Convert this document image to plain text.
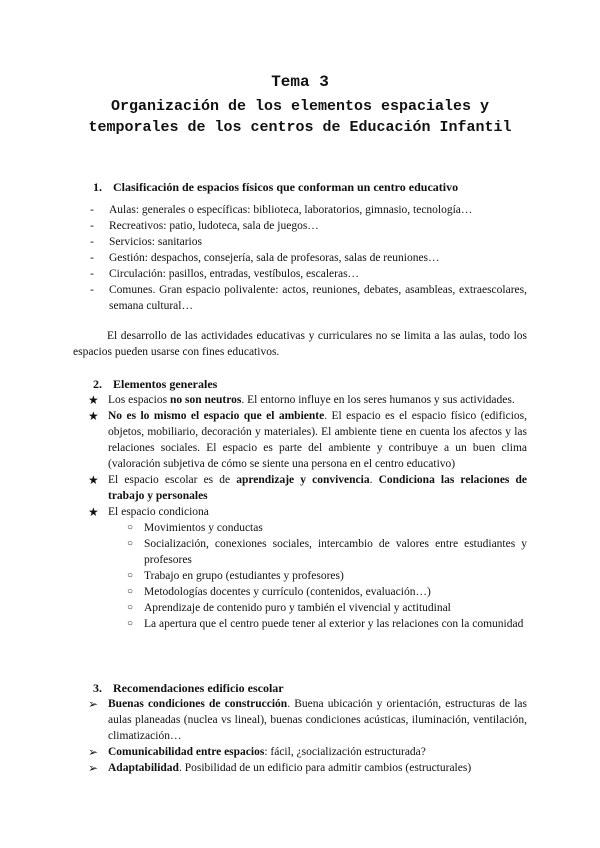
Tema 3
Organización de los elementos espaciales y
temporales de los centros de Educación Infantil
1. Clasificación de espacios físicos que conforman un centro educativo
- Aulas: generales o específicas: biblioteca, laboratorios, gimnasio, tecnología…
- Recreativos: patio, ludoteca, sala de juegos…
- Servicios: sanitarios
- Gestión: despachos, consejería, sala de profesoras, salas de reuniones…
- Circulación: pasillos, entradas, vestíbulos, escaleras…
- Comunes. Gran espacio polivalente: actos, reuniones, debates, asambleas, extraescolares, semana cultural…
El desarrollo de las actividades educativas y curriculares no se limita a las aulas, todo los espacios pueden usarse con fines educativos.
2. Elementos generales
★ Los espacios no son neutros. El entorno influye en los seres humanos y sus actividades.
★ No es lo mismo el espacio que el ambiente. El espacio es el espacio físico (edificios, objetos, mobiliario, decoración y materiales). El ambiente tiene en cuenta los afectos y las relaciones sociales. El espacio es parte del ambiente y contribuye a un buen clima (valoración subjetiva de cómo se siente una persona en el centro educativo)
★ El espacio escolar es de aprendizaje y convivencia. Condiciona las relaciones de trabajo y personales
★ El espacio condiciona
○ Movimientos y conductas
○ Socialización, conexiones sociales, intercambio de valores entre estudiantes y profesores
○ Trabajo en grupo (estudiantes y profesores)
○ Metodologías docentes y currículo (contenidos, evaluación…)
○ Aprendizaje de contenido puro y también el vivencial y actitudinal
○ La apertura que el centro puede tener al exterior y las relaciones con la comunidad
3. Recomendaciones edificio escolar
➢ Buenas condiciones de construcción. Buena ubicación y orientación, estructuras de las aulas planeadas (nuclea vs lineal), buenas condiciones acústicas, iluminación, ventilación, climatización…
➢ Comunicabilidad entre espacios: fácil, ¿socialización estructurada?
➢ Adaptabilidad. Posibilidad de un edificio para admitir cambios (estructurales)
